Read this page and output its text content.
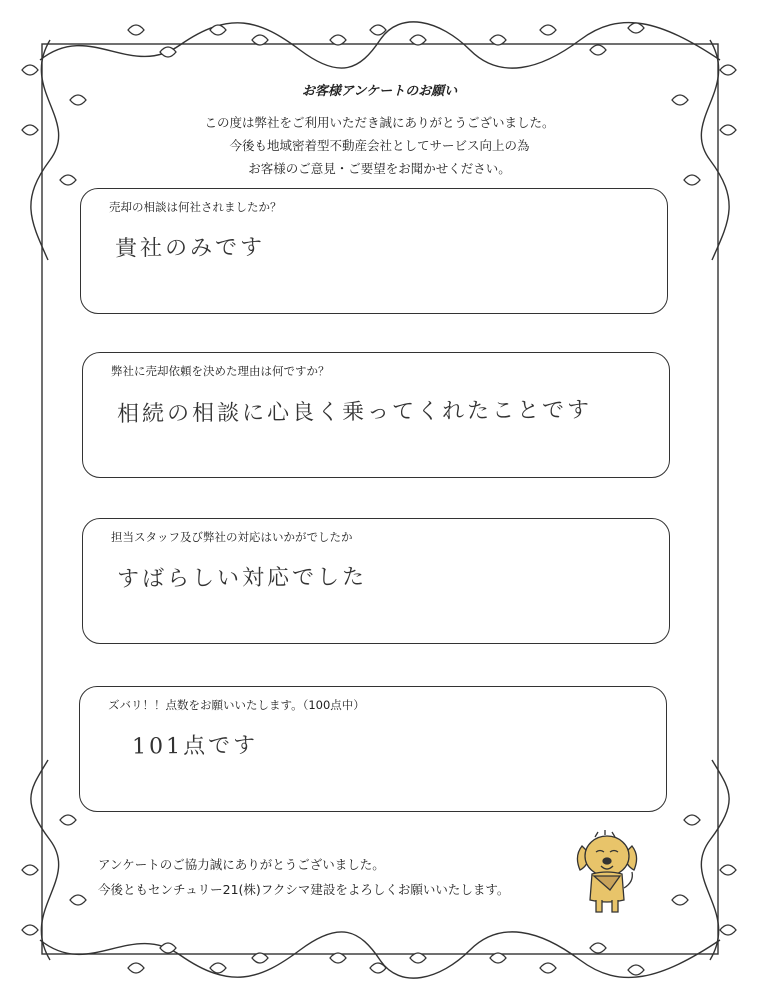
お客様アンケートのお願い
この度は弊社をご利用いただき誠にありがとうございました。
今後も地域密着型不動産会社としてサービス向上の為
お客様のご意見・ご要望をお聞かせください。
売却の相談は何社されましたか？
貴社のみです
弊社に売却依頼を決めた理由は何ですか？
相続の相談に心良く乗ってくれたことです
担当スタッフ及び弊社の対応はいかがでしたか
すばらしい対応でした
ズバリ！！点数をお願いいたします。（100点中）
101点です
アンケートのご協力誠にありがとうございました。
今後ともセンチュリー21(株)フクシマ建設をよろしくお願いいたします。
